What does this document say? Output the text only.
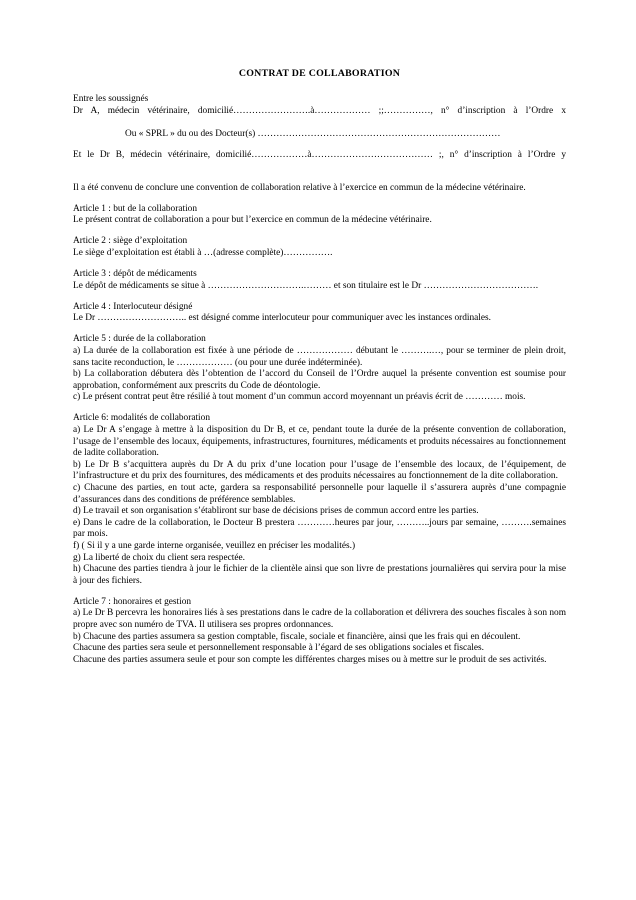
CONTRAT DE COLLABORATION
Entre les soussignés
Dr A, médecin vétérinaire, domicilié…………………….à……………… ;;……………, n° d’inscription à l’Ordre x
Ou « SPRL » du ou des Docteur(s) ……………………………………………………………………
Et le Dr B, médecin vétérinaire, domicilié………………à………………………………… ;, n° d’inscription à l’Ordre y
Il a été convenu de conclure une convention de collaboration relative à l’exercice en commun de la médecine vétérinaire.
Article 1 : but de la collaboration
Le présent contrat de collaboration a pour but l’exercice en commun de la médecine vétérinaire.
Article 2 : siège d’exploitation
Le siège d’exploitation est établi à …(adresse complète)…………….
Article 3 : dépôt de médicaments
Le dépôt de médicaments se situe à ………………………….……… et son titulaire est le Dr ……………………………….
Article 4 : Interlocuteur désigné
Le Dr ……………………….. est désigné comme interlocuteur pour communiquer avec les instances ordinales.
Article 5 : durée de la collaboration
a) La durée de la collaboration est fixée à une période de ……………… débutant le ……….…, pour se terminer de plein droit, sans tacite reconduction, le ……………… (ou pour une durée indéterminée).
b) La collaboration débutera dès l’obtention de l’accord du Conseil de l’Ordre auquel la présente convention est soumise pour approbation, conformément aux prescrits du Code de déontologie.
c) Le présent contrat peut être résilié à tout moment d’un commun accord moyennant un préavis écrit de ………… mois.
Article 6: modalités de collaboration
a) Le Dr A s’engage à mettre à la disposition du Dr B, et ce, pendant toute la durée de la présente convention de collaboration, l’usage de l’ensemble des locaux, équipements, infrastructures, fournitures, médicaments et produits nécessaires au fonctionnement de ladite collaboration.
b) Le Dr B s’acquittera auprès du Dr A du prix d’une location pour l’usage de l’ensemble des locaux, de l’équipement, de l’infrastructure et du prix des fournitures, des médicaments et des produits nécessaires au fonctionnement de la dite collaboration.
c) Chacune des parties, en tout acte, gardera sa responsabilité personnelle pour laquelle il s’assurera auprès d’une compagnie d’assurances dans des conditions de préférence semblables.
d) Le travail et son organisation s’établiront sur base de décisions prises de commun accord entre les parties.
e) Dans le cadre de la collaboration, le Docteur B prestera …………heures par jour, ………..jours par semaine, ……….semaines par mois.
f) ( Si il y a une garde interne organisée, veuillez en préciser les modalités.)
g) La liberté de choix du client sera respectée.
h) Chacune des parties tiendra à jour le fichier de la clientèle ainsi que son livre de prestations journalières qui servira pour la mise à jour des fichiers.
Article 7 : honoraires et gestion
a) Le Dr B percevra les honoraires liés à ses prestations dans le cadre de la collaboration et délivrera des souches fiscales à son nom propre avec son numéro de TVA. Il utilisera ses propres ordonnances.
b) Chacune des parties assumera sa gestion comptable, fiscale, sociale et financière, ainsi que les frais qui en découlent.
Chacune des parties sera seule et personnellement responsable à l’égard de ses obligations sociales et fiscales.
Chacune des parties assumera seule et pour son compte les différentes charges mises ou à mettre sur le produit de ses activités.
